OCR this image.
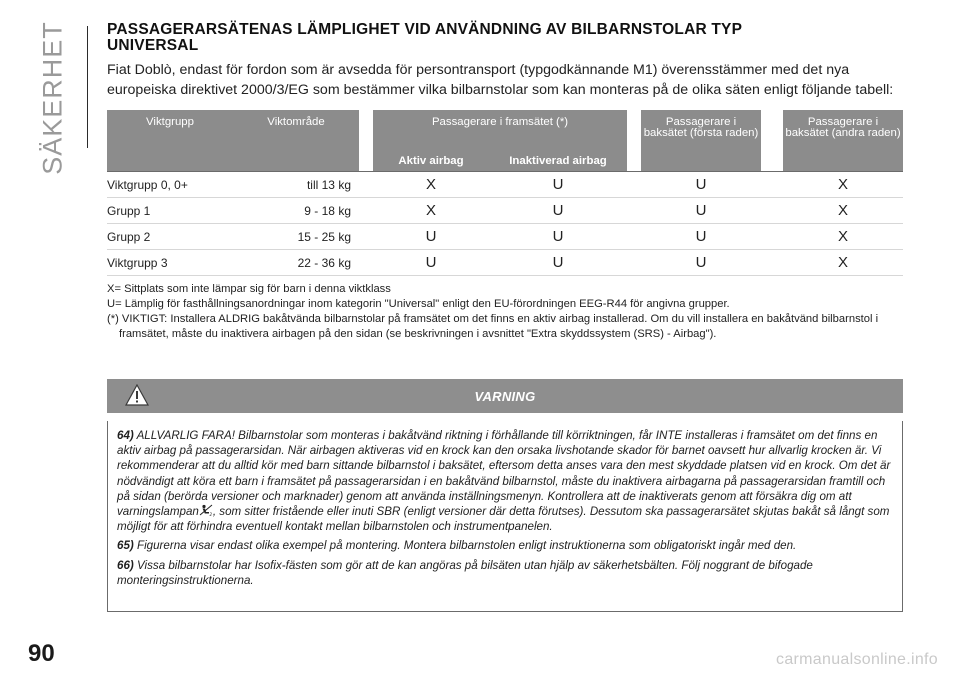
SÄKERHET	PASSAGERARSÄTENAS LÄMPLIGHET VID ANVÄNDNING AV BILBARNSTOLAR TYP
UNIVERSAL
Fiat Doblò, endast för fordon som är avsedda för persontransport (typgodkännande M1) överensstämmer med det nya
europeiska direktivet 2000/3/EG som bestämmer vilka bilbarnstolar som kan monteras på de olika säten enligt följande tabell:
Viktgrupp	Viktområde		Passagerare i framsätet (*)			Passagerare i baksätet (första raden)		Passagerare i baksätet (andra raden)
			Aktiv airbag	Inaktiverad airbag				
Viktgrupp 0, 0+	till 13 kg		X	U		U		X
Grupp 1	9 - 18 kg		X	U		U		X
Grupp 2	15 - 25 kg		U	U		U		X
Viktgrupp 3	22 - 36 kg		U	U		U		X

X= Sittplats som inte lämpar sig för barn i denna viktklass

U= Lämplig för fasthållningsanordningar inom kategorin "Universal" enligt den EU-förordningen EEG-R44 för angivna grupper.

(*) VIKTIGT: Installera ALDRIG bakåtvända bilbarnstolar på framsätet om det finns en aktiv airbag installerad. Om du vill installera en bakåtvänd bilbarnstol i

framsätet, måste du inaktivera airbagen på den sidan (se beskrivningen i avsnittet "Extra skyddssystem (SRS) - Airbag").

VARNING

64) ALLVARLIG FARA! Bilbarnstolar som monteras i bakåtvänd riktning i förhållande till körriktningen, får INTE installeras i framsätet om det finns en aktiv airbag på passagerarsidan. När airbagen aktiveras vid en krock kan den orsaka livshotande skador för barnet oavsett hur allvarlig krocken är. Vi rekommenderar att du alltid kör med barn sittande bilbarnstol i baksätet, eftersom detta anses vara den mest skyddade platsen vid en krock. Om det är nödvändigt att köra ett barn i framsätet på passagerarsidan i en bakåtvänd bilbarnstol, måste du inaktivera airbagarna på passagerarsidan framtill och på sidan (berörda versioner och marknader) genom att använda inställningsmenyn. Kontrollera att de inaktiverats genom att försäkra dig om att varningslampan	2 , som sitter fristående eller inuti SBR (enligt versioner där detta förutses). Dessutom ska passagerarsätet skjutas bakåt så långt som möjligt för att förhindra eventuell kontakt mellan bilbarnstolen och instrumentpanelen.

65) Figurerna visar endast olika exempel på montering. Montera bilbarnstolen enligt instruktionerna som obligatoriskt ingår med den.

66) Vissa bilbarnstolar har Isofix-fästen som gör att de kan angöras på bilsäten utan hjälp av säkerhetsbälten. Följ noggrant de bifogade monteringsinstruktionerna.

90	carmanualsonline.info
